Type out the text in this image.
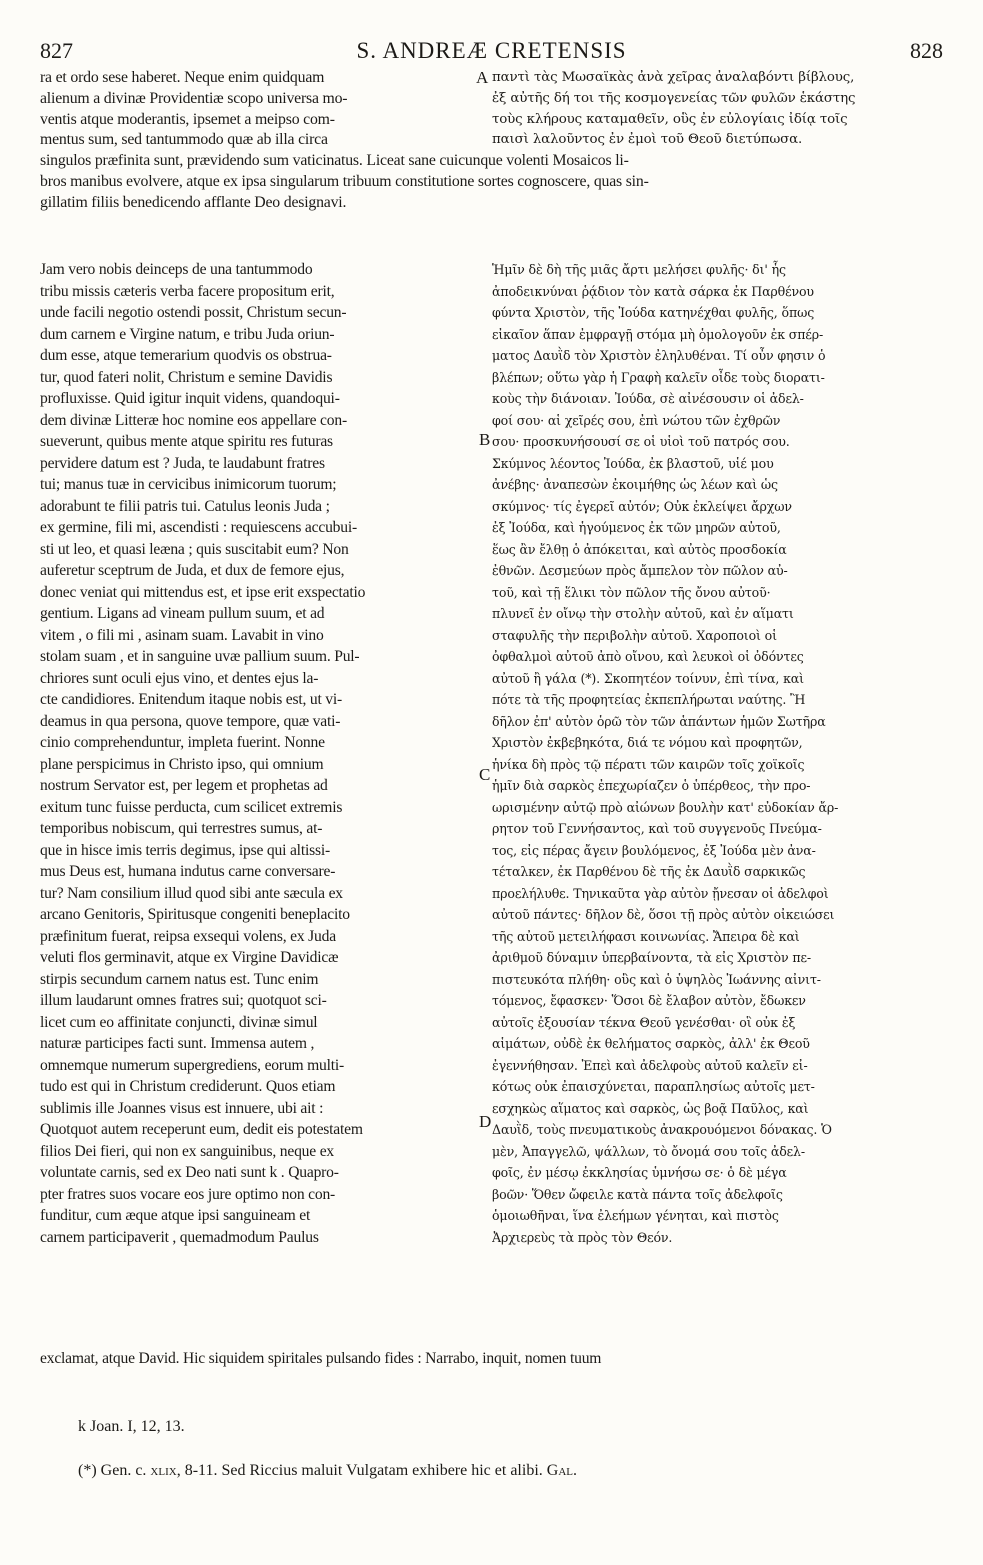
827	S. ANDREÆ CRETENSIS	828
ra et ordo sese haberet. Neque enim quidquam
alienum a divinæ Providentiæ scopo universa mo-
ventis atque moderantis, ipsemet a meipso com-
mentus sum, sed tantummodo quæ ab illa circa
A παντὶ τὰς Μωσαϊκὰς ἀνὰ χεῖρας ἀναλαβόντι βίβλους,
ἐξ αὐτῆς δή τοι τῆς κοσμογενείας τῶν φυλῶν ἑκάστης
τοὺς κλήρους καταμαθεῖν, οὓς ἐν εὐλογίαις ἰδίᾳ τοῖς
παισὶ λαλοῦντος ἐν ἐμοὶ τοῦ Θεοῦ διετύπωσα.
singulos præfinita sunt, prævidendo sum vaticinatus. Liceat sane cuicunque volenti Mosaicos li-
bros manibus evolvere, atque ex ipsa singularum tribuum constitutione sortes cognoscere, quas sin-
gillatim filiis benedicendo afflante Deo designavi.
Jam vero nobis deinceps de una tantummodo
tribu missis cæteris verba facere propositum erit,
unde facili negotio ostendi possit, Christum secun-
dum carnem e Virgine natum, e tribu Juda oriun-
dum esse, atque temerarium quodvis os obstrua-
tur, quod fateri nolit, Christum e semine Davidis
profluxisse. Quid igitur inquit videns, quandoqui-
dem divinæ Litteræ hoc nomine eos appellare con-
sueverunt, quibus mente atque spiritu res futuras
pervidere datum est ? Juda, te laudabunt fratres
tui; manus tuæ in cervicibus inimicorum tuorum;
adorabunt te filii patris tui. Catulus leonis Juda ;
ex germine, fili mi, ascendisti : requiescens accubui-
sti ut leo, et quasi leæna ; quis suscitabit eum? Non
auferetur sceptrum de Juda, et dux de femore ejus,
donec veniat qui mittendus est, et ipse erit exspectatio
gentium. Ligans ad vineam pullum suum, et ad
vitem , o fili mi , asinam suam. Lavabit in vino
stolam suam , et in sanguine uvæ pallium suum. Pul-
chriores sunt oculi ejus vino, et dentes ejus la-
cte candidiores. Enitendum itaque nobis est, ut vi-
deamus in qua persona, quove tempore, quæ vati-
cinio comprehenduntur, impleta fuerint. Nonne
plane perspicimus in Christo ipso, qui omnium
nostrum Servator est, per legem et prophetas ad
exitum tunc fuisse perducta, cum scilicet extremis
temporibus nobiscum, qui terrestres sumus, at-
que in hisce imis terris degimus, ipse qui altissi-
mus Deus est, humana indutus carne conversare-
tur? Nam consilium illud quod sibi ante sæcula ex
arcano Genitoris, Spiritusque congeniti beneplacito
præfinitum fuerat, reipsa exsequi volens, ex Juda
veluti flos germinavit, atque ex Virgine Davidicæ
stirpis secundum carnem natus est. Tunc enim
illum laudarunt omnes fratres sui; quotquot sci-
licet cum eo affinitate conjuncti, divinæ simul
naturæ participes facti sunt. Immensa autem ,
omnemque numerum supergrediens, eorum multi-
tudo est qui in Christum crediderunt. Quos etiam
sublimis ille Joannes visus est innuere, ubi ait :
Quotquot autem receperunt eum, dedit eis potestatem
filios Dei fieri, qui non ex sanguinibus, neque ex
voluntate carnis, sed ex Deo nati sunt k . Quapro-
pter fratres suos vocare eos jure optimo non con-
funditur, cum æque atque ipsi sanguineam et
carnem participaverit , quemadmodum Paulus
Ἡμῖν δὲ δὴ τῆς μιᾶς ἄρτι μελήσει φυλῆς· δι' ἧς
ἀποδεικνύναι ῥᾴδιον τὸν κατὰ σάρκα ἐκ Παρθένου
φύντα Χριστὸν, τῆς Ἰούδα κατηνέχθαι φυλῆς, ὅπως
εἰκαῖον ἅπαν ἐμφραγῇ στόμα μὴ ὁμολογοῦν ἐκ σπέρ-
ματος Δαυῒδ τὸν Χριστὸν ἐληλυθέναι. Τί οὖν φησιν ὁ
βλέπων; οὕτω γὰρ ἡ Γραφὴ καλεῖν οἶδε τοὺς διορατι-
κοὺς τὴν διάνοιαν. Ἰούδα, σὲ αἰνέσουσιν οἱ ἀδελ-
φοί σου· αἱ χεῖρές σου, ἐπὶ νώτου τῶν ἐχθρῶν
σου· προσκυνήσουσί σε οἱ υἱοὶ τοῦ πατρός σου.
Σκύμνος λέοντος Ἰούδα, ἐκ βλαστοῦ, υἱέ μου
ἀνέβης· ἀναπεσὼν ἐκοιμήθης ὡς λέων καὶ ὡς
σκύμνος· τίς ἐγερεῖ αὐτόν; Οὐκ ἐκλείψει ἄρχων
ἐξ Ἰούδα, καὶ ἡγούμενος ἐκ τῶν μηρῶν αὐτοῦ,
ἕως ἂν ἔλθῃ ὁ ἀπόκειται, καὶ αὐτὸς προσδοκία
ἐθνῶν. Δεσμεύων πρὸς ἄμπελον τὸν πῶλον αὐ-
τοῦ, καὶ τῇ ἕλικι τὸν πῶλον τῆς ὄνου αὐτοῦ·
πλυνεῖ ἐν οἴνῳ τὴν στολὴν αὐτοῦ, καὶ ἐν αἵματι
σταφυλῆς τὴν περιβολὴν αὐτοῦ. Χαροποιοὶ οἱ
ὀφθαλμοὶ αὐτοῦ ἀπὸ οἴνου, καὶ λευκοὶ οἱ ὀδόντες
αὐτοῦ ἢ γάλα (*). Σκοπητέον τοίνυν, ἐπὶ τίνα, καὶ
πότε τὰ τῆς προφητείας ἐκπεπλήρωται ναύτης. Ἢ
δῆλον ἐπ' αὐτὸν ὁρῶ τὸν τῶν ἁπάντων ἡμῶν Σωτῆρα
Χριστὸν ἐκβεβηκότα, διά τε νόμου καὶ προφητῶν,
ἡνίκα δὴ πρὸς τῷ πέρατι τῶν καιρῶν τοῖς χοϊκοῖς
ἡμῖν διὰ σαρκὸς ἐπεχωρίαζεν ὁ ὑπέρθεος, τὴν προ-
ωρισμένην αὐτῷ πρὸ αἰώνων βουλὴν κατ' εὐδοκίαν ἄρ-
ρητον τοῦ Γεννήσαντος, καὶ τοῦ συγγενοῦς Πνεύμα-
τος, εἰς πέρας ἄγειν βουλόμενος, ἐξ Ἰούδα μὲν ἀνα-
τέταλκεν, ἐκ Παρθένου δὲ τῆς ἐκ Δαυῒδ σαρκικῶς
προελήλυθε. Τηνικαῦτα γὰρ αὐτὸν ᾔνεσαν οἱ ἀδελφοὶ
αὐτοῦ πάντες· δῆλον δὲ, ὅσοι τῇ πρὸς αὐτὸν οἰκειώσει
τῆς αὐτοῦ μετειλήφασι κοινωνίας. Ἄπειρα δὲ καὶ
ἀριθμοῦ δύναμιν ὑπερβαίνοντα, τὰ εἰς Χριστὸν πε-
πιστευκότα πλήθη· οὓς καὶ ὁ ὑψηλὸς Ἰωάννης αἰνιτ-
τόμενος, ἔφασκεν· Ὅσοι δὲ ἔλαβον αὐτὸν, ἔδωκεν
αὐτοῖς ἐξουσίαν τέκνα Θεοῦ γενέσθαι· οἳ οὐκ ἐξ
αἱμάτων, οὐδὲ ἐκ θελήματος σαρκὸς, ἀλλ' ἐκ Θεοῦ
ἐγεννήθησαν. Ἐπεὶ καὶ ἀδελφοὺς αὐτοῦ καλεῖν εἰ-
κότως οὐκ ἐπαισχύνεται, παραπλησίως αὐτοῖς μετ-
εσχηκὼς αἵματος καὶ σαρκὸς, ὡς βοᾷ Παῦλος, καὶ
Δαυῒδ, τοὺς πνευματικοὺς ἀνακρουόμενοι δόνακας. Ὁ
μὲν, Ἀπαγγελῶ, ψάλλων, τὸ ὄνομά σου τοῖς ἀδελ-
φοῖς, ἐν μέσῳ ἐκκλησίας ὑμνήσω σε· ὁ δὲ μέγα
βοῶν· Ὅθεν ὤφειλε κατὰ πάντα τοῖς ἀδελφοῖς
ὁμοιωθῆναι, ἵνα ἐλεήμων γένηται, καὶ πιστὸς
Ἀρχιερεὺς τὰ πρὸς τὸν Θεόν.
B
C
D
exclamat, atque David. Hic siquidem spiritales pulsando fides : Narrabo, inquit, nomen tuum
k Joan. I, 12, 13.
(*) Gen. c. xlix, 8-11. Sed Riccius maluit Vulgatam exhibere hic et alibi. Gal.
